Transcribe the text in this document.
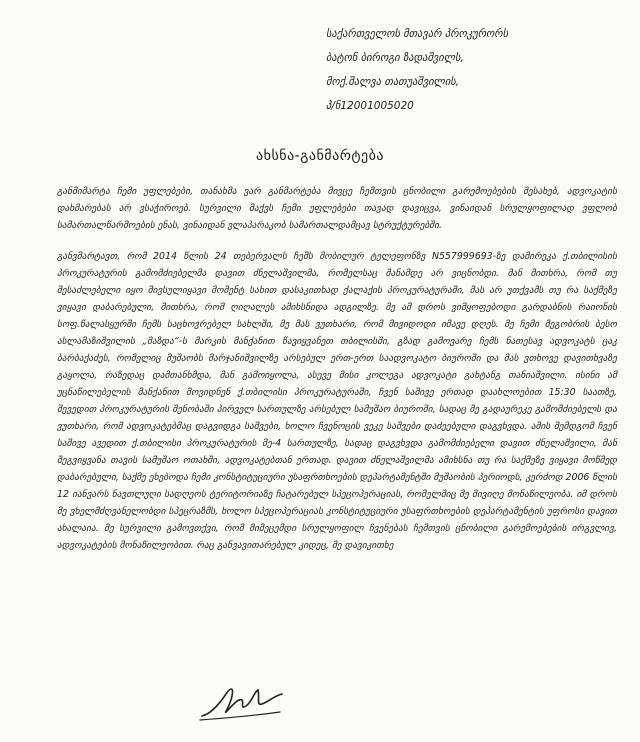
საქართველოს მთავარ პროკურორს
ბატონ ბიროგი ზადაშვილს,
მოქ.შალვა თათუაშვილის,
პ/ნ12001005020
ახსნა-განმარტება

განმიმარტა ჩემი უფლებები, თანახმა ვარ განმარტება მივცე ჩემთვის ცნობილი გარემოებების შესახებ, ადვოკატის დახმარებას არ ვსაჭიროებ. სურვილი მაქვს ჩემი უფლებები თავად დავიცვა, ვინაიდან სრულყოფილად ვფლობ სამართალწარმოების ენას, ვინაიდან ვლაპარაკობ სამართალდამცავ სტრუქტურებში.

განვმარტავთ, რომ 2014 წლის 24 თებერვალს ჩემს მობილურ ტელეფონზე N557999693-ზე დამირეკა ქ.თბილისის პროკურატურის გამომძიებელმა დავით ძნელაშვილმა, რომელსაც მანამდე არ ვიცნობდი. მან მითხრა, რომ თუ შესაძლებელი იყო მივსულიყავი მომენტ სახით დასაკითხად ქალაქის პროკურატურაში, მას არ უთქვამს თუ რა საქმეზე ვიყავი დაბარებული, მითხრა, რომ ღიღალეს ამიხსნიდა ადგილზე. მე ამ დროს ვიმყოფებოდი გარდაბნის რაიონის სოფ.წალასყურში ჩემს საცხოვრებელ სახლში, მე მას ვუთხარი, რომ მივიდოდი იმავე დღეს. მე ჩემი მეგობრის ბესო ასლამაზიშვილის „მაზდა“-ს მარკის მანქანით წავიყვანეთ თბილისში, გზად გამოვარე ჩემს ნათესავ ადვოკატს ცაკ ბარბაქაძეს, რომელიც მუშაობს მარჯანიშვილზე არსებულ ერთ-ერთ საადვოკატო ბიუროში და მას ვთხოვე დავითხვაზე გაყოლა, რაზედაც დამთანხმდა, მან გამოიყოლა, ასევე მისი კოლეგა ადვოკატი გახტანგ თანიაშვილი. ისინი ამ უცნაწილებელის მანქანით მოვიდნენ ქ.თბილისი პროკურატურაში, ჩვენ საშივე ერთად დაახლოებით 15:30 საათზე, შევედით პროკურატურის შენობაში პირველ სართულზე არსებულ სამუშაო ბიუროში, სადაც მე გადაურეკე გამომძიებელს და ვუთხარი, რომ ადვოკატებმაც დაგვიდგა საშვები, ხოლო ჩვენოცის ვეკე საშვები დაძეებული დაგვხვდა. ამის შემდგომ ჩვენ საშივე ავედით ქ.თბილისი პროკურატურის მე-4 სართულზე, სადაც დაგვხვდა გამომძიებელი დავით ძნელაშვილი, მან შეგვიყვანა თავის სამუშაო ოთახში, ადვოკატებთან ერთად. დავით ძნელაშვილმა ამიხსნა თუ რა საქმეზე ვიყავი მოწმედ დაბარებული, საქმე ეხებოდა ჩემი კონსტიტუციური უსაფრთხოების დეპარტამენტში მუშაობის პერიოდს, კერძოდ 2006 წლის 12 იანვარს ნავთლუღი სადღეოს ტერიტორიაზე ჩატარებულ სპეცოპერაციას, რომელშიც მე მივიღე მონაწილეობა. იმ დროს მე ვხელმძღვანელობდი სპეცრაზმს, ხოლო სპეცოპერაციას კონსტიტუციური უსაფრთხოების დეპარტამენტის უფროსი დავით ახალაია. მე სურვილი გამოვთქვი, რომ მიმეცემდი სრულყოფილ ჩვენებას ჩემთვის ცნობილი გარემოებების ირგვლივ, ადვოკატების მონაწილეობით. რაც განვავითარებულ კიდეც, მე დავიკითხე
